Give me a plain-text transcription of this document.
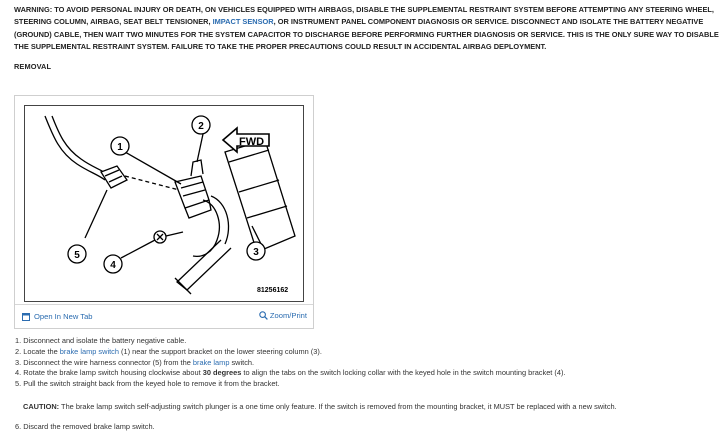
WARNING: TO AVOID PERSONAL INJURY OR DEATH, ON VEHICLES EQUIPPED WITH AIRBAGS, DISABLE THE SUPPLEMENTAL RESTRAINT SYSTEM BEFORE ATTEMPTING ANY STEERING WHEEL,
STEERING COLUMN, AIRBAG, SEAT BELT TENSIONER, IMPACT SENSOR, OR INSTRUMENT PANEL COMPONENT DIAGNOSIS OR SERVICE. DISCONNECT AND ISOLATE THE BATTERY NEGATIVE
(GROUND) CABLE, THEN WAIT TWO MINUTES FOR THE SYSTEM CAPACITOR TO DISCHARGE BEFORE PERFORMING FURTHER DIAGNOSIS OR SERVICE. THIS IS THE ONLY SURE WAY TO DISABLE
THE SUPPLEMENTAL RESTRAINT SYSTEM. FAILURE TO TAKE THE PROPER PRECAUTIONS COULD RESULT IN ACCIDENTAL AIRBAG DEPLOYMENT.
REMOVAL
FWD
1
2
3
4
5
81256162
Open In New Tab	Zoom/Print
1. Disconnect and isolate the battery negative cable.
2. Locate the brake lamp switch (1) near the support bracket on the lower steering column (3).
3. Disconnect the wire harness connector (5) from the brake lamp switch.
4. Rotate the brake lamp switch housing clockwise about 30 degrees to align the tabs on the switch locking collar with the keyed hole in the switch mounting bracket (4).
5. Pull the switch straight back from the keyed hole to remove it from the bracket.
CAUTION: The brake lamp switch self-adjusting switch plunger is a one time only feature. If the switch is removed from the mounting bracket, it MUST be replaced with a new switch.
6. Discard the removed brake lamp switch.
